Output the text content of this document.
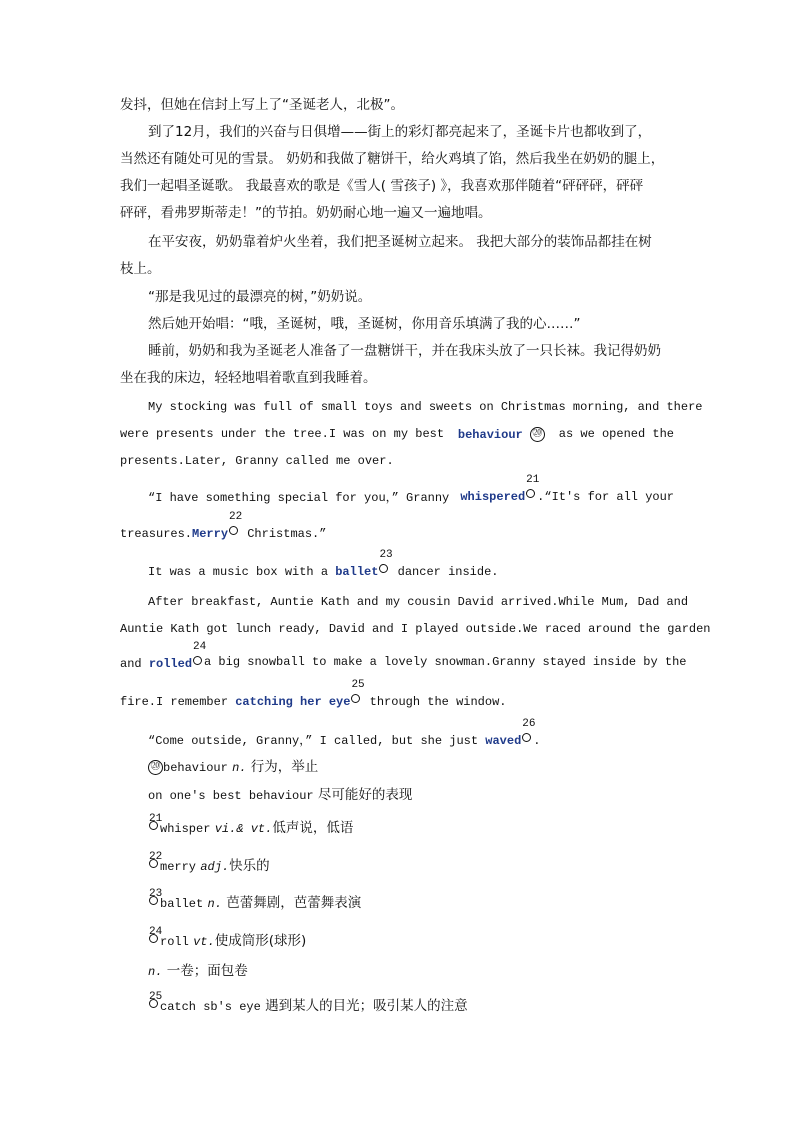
发抖，但她在信封上写上了“圣诞老人，北极”。
到了12月，我们的兴奋与日俱增——街上的彩灯都亮起来了，圣诞卡片也都收到了，
当然还有随处可见的雪景。 奶奶和我做了糖饼干，给火鸡填了馅，然后我坐在奶奶的腿上，
我们一起唱圣诞歌。 我最喜欢的歌是《雪人( 雪孩子) 》，我喜欢那伴随着“砰砰砰，砰砰
砰砰，看弗罗斯蒂走！”的节拍。奶奶耐心地一遍又一遍地唱。
在平安夜，奶奶靠着炉火坐着，我们把圣诞树立起来。 我把大部分的装饰品都挂在树
枝上。
“那是我见过的最漂亮的树，”奶奶说。
然后她开始唱：“哦，圣诞树，哦，圣诞树，你用音乐填满了我的心……”
睡前，奶奶和我为圣诞老人准备了一盘糖饼干，并在我床头放了一只长袜。我记得奶奶
坐在我的床边，轻轻地唱着歌直到我睡着。
My stocking was full of small toys and sweets on Christmas morning, and there
were presents under the tree.I was on my best behaviour ⑳ as we opened the
presents.Later, Granny called me over.
“I have something special for you，” Granny whispered
21
.“It's for all your
treasures.Merry
22
Christmas.”
It was a music box with a ballet
23
dancer inside.
After breakfast, Auntie Kath and my cousin David arrived.While Mum, Dad and
Auntie Kath got lunch ready, David and I played outside.We raced around the garden
and rolled
24
a big snowball to make a lovely snowman.Granny stayed inside by the
fire.I remember catching her eye
25
through the window.
“Come outside, Granny，” I called, but she just waved
26
.
⑳ behaviour n. 行为，举止
on one's best behaviour 尽可能好的表现
21
whisper vi.& vt.低声说，低语
22
merry adj.快乐的
23
ballet n. 芭蕾舞剧，芭蕾舞表演
24
roll vt.使成筒形(球形)
n. 一卷；面包卷
25
catch sb's eye 遇到某人的目光；吸引某人的注意
